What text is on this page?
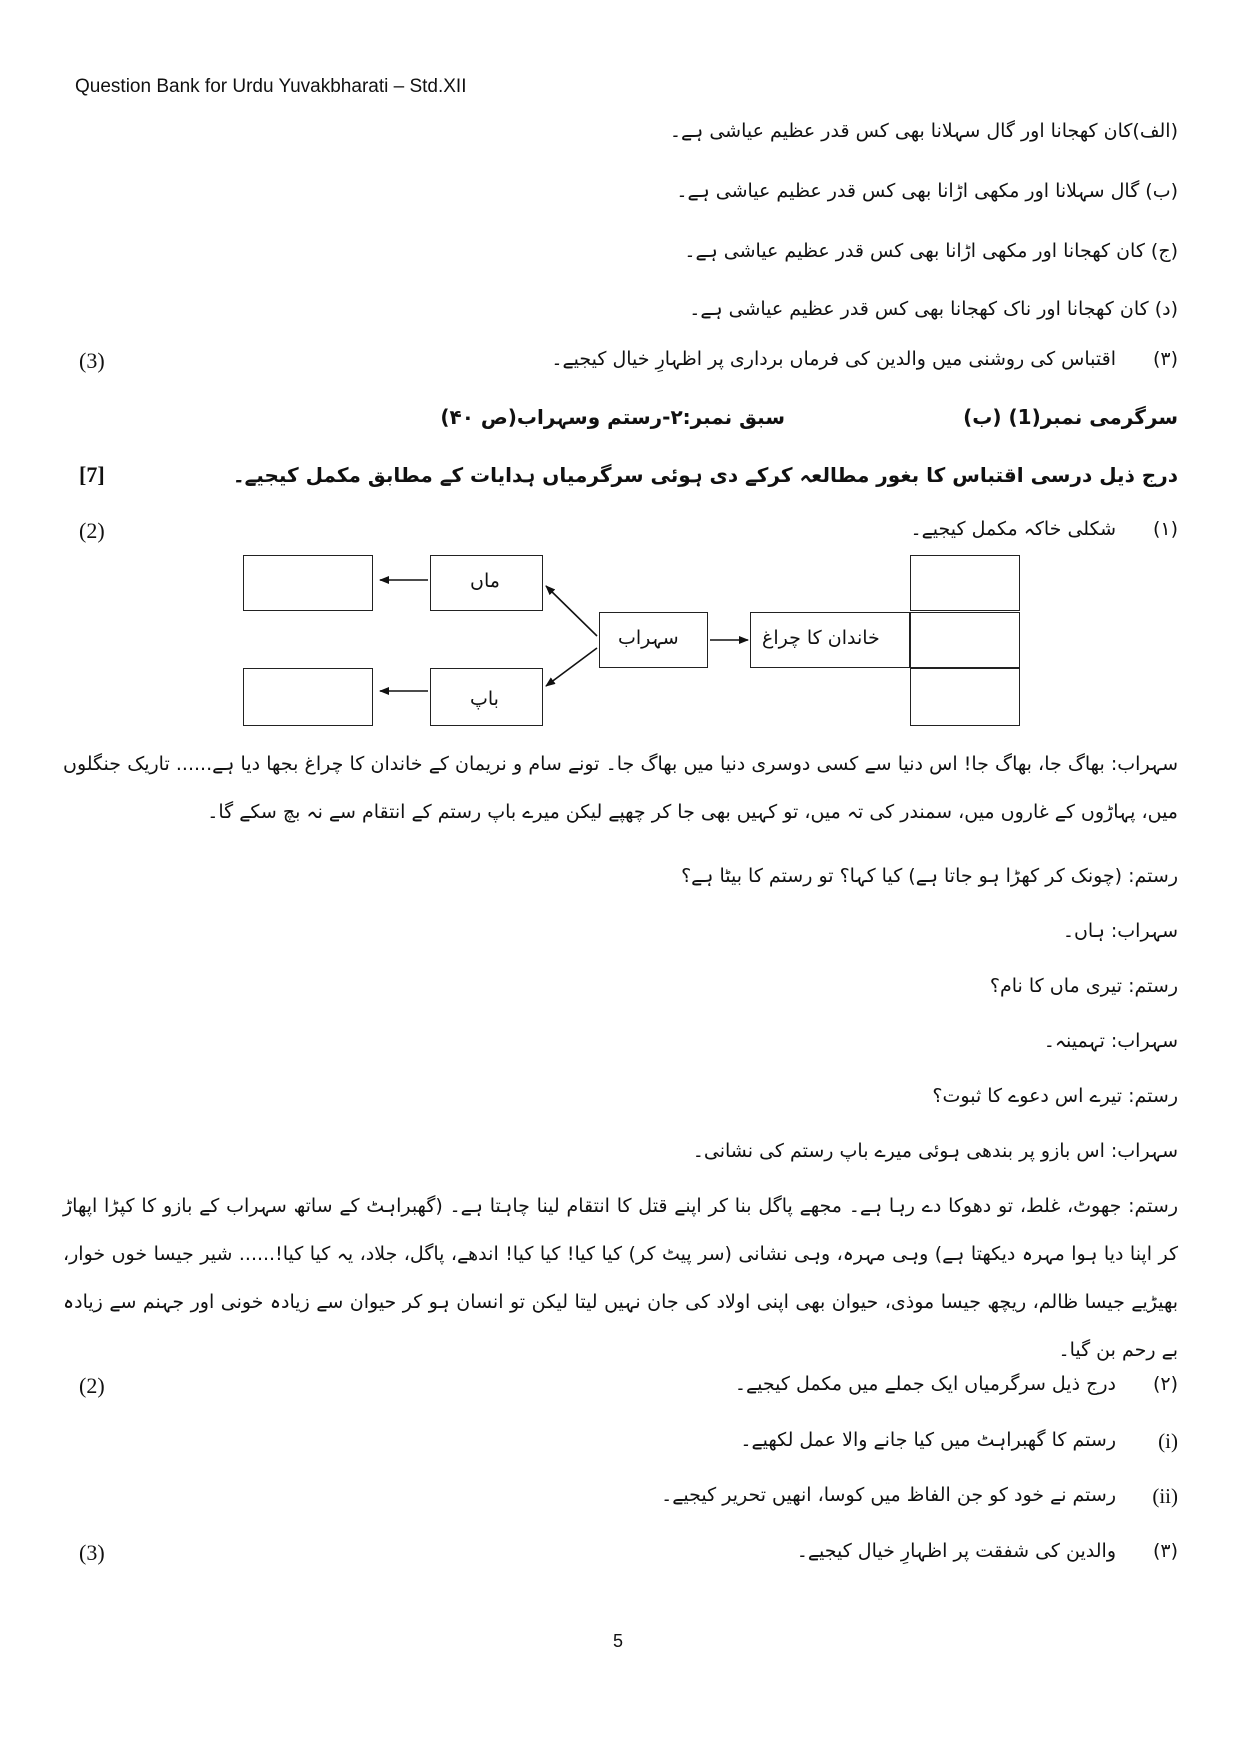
Question Bank for Urdu Yuvakbharati – Std.XII
(الف)کان کھجانا اور گال سہلانا بھی کس قدر عظیم عیاشی ہے۔
(ب) گال سہلانا اور مکھی اڑانا بھی کس قدر عظیم عیاشی ہے۔
(ج) کان کھجانا اور مکھی اڑانا بھی کس قدر عظیم عیاشی ہے۔
(د) کان کھجانا اور ناک کھجانا بھی کس قدر عظیم عیاشی ہے۔
(۳)
اقتباس کی روشنی میں والدین کی فرماں برداری پر اظہارِ خیال کیجیے۔
(3)
سرگرمی نمبر(1) (ب)
سبق نمبر:۲-رستم وسہراب(ص ۴۰)
درج ذیل درسی اقتباس کا بغور مطالعہ کرکے دی ہوئی سرگرمیاں ہدایات کے مطابق مکمل کیجیے۔
[7]
(۱)
شکلی خاکہ مکمل کیجیے۔
(2)
ماں
باپ
سہراب	خاندان کا چراغ
سہراب: بھاگ جا، بھاگ جا! اس دنیا سے کسی دوسری دنیا میں بھاگ جا۔ تونے سام و نریمان کے خاندان کا چراغ بجھا دیا ہے...... تاریک جنگلوں میں، پہاڑوں کے غاروں میں، سمندر کی تہ میں، تو کہیں بھی جا کر چھپے لیکن میرے باپ رستم کے انتقام سے نہ بچ سکے گا۔
رستم: (چونک کر کھڑا ہو جاتا ہے) کیا کہا؟ تو رستم کا بیٹا ہے؟
سہراب: ہاں۔
رستم: تیری ماں کا نام؟
سہراب: تہمینہ۔
رستم: تیرے اس دعوے کا ثبوت؟
سہراب: اس بازو پر بندھی ہوئی میرے باپ رستم کی نشانی۔
رستم: جھوٹ، غلط، تو دھوکا دے رہا ہے۔ مجھے پاگل بنا کر اپنے قتل کا انتقام لینا چاہتا ہے۔ (گھبراہٹ کے ساتھ سہراب کے بازو کا کپڑا اپھاڑ کر اپنا دیا ہوا مہرہ دیکھتا ہے) وہی مہرہ، وہی نشانی (سر پیٹ کر) کیا کیا! کیا کیا! اندھے، پاگل، جلاد، یہ کیا کیا!...... شیر جیسا خوں خوار، بھیڑیے جیسا ظالم، ریچھ جیسا موذی، حیوان بھی اپنی اولاد کی جان نہیں لیتا لیکن تو انسان ہو کر حیوان سے زیادہ خونی اور جہنم سے زیادہ بے رحم بن گیا۔
(۲)
درج ذیل سرگرمیاں ایک جملے میں مکمل کیجیے۔
(2)
(i)
رستم کا گھبراہٹ میں کیا جانے والا عمل لکھیے۔
(ii)
رستم نے خود کو جن الفاظ میں کوسا، انھیں تحریر کیجیے۔
(۳)
والدین کی شفقت پر اظہارِ خیال کیجیے۔
(3)
5
